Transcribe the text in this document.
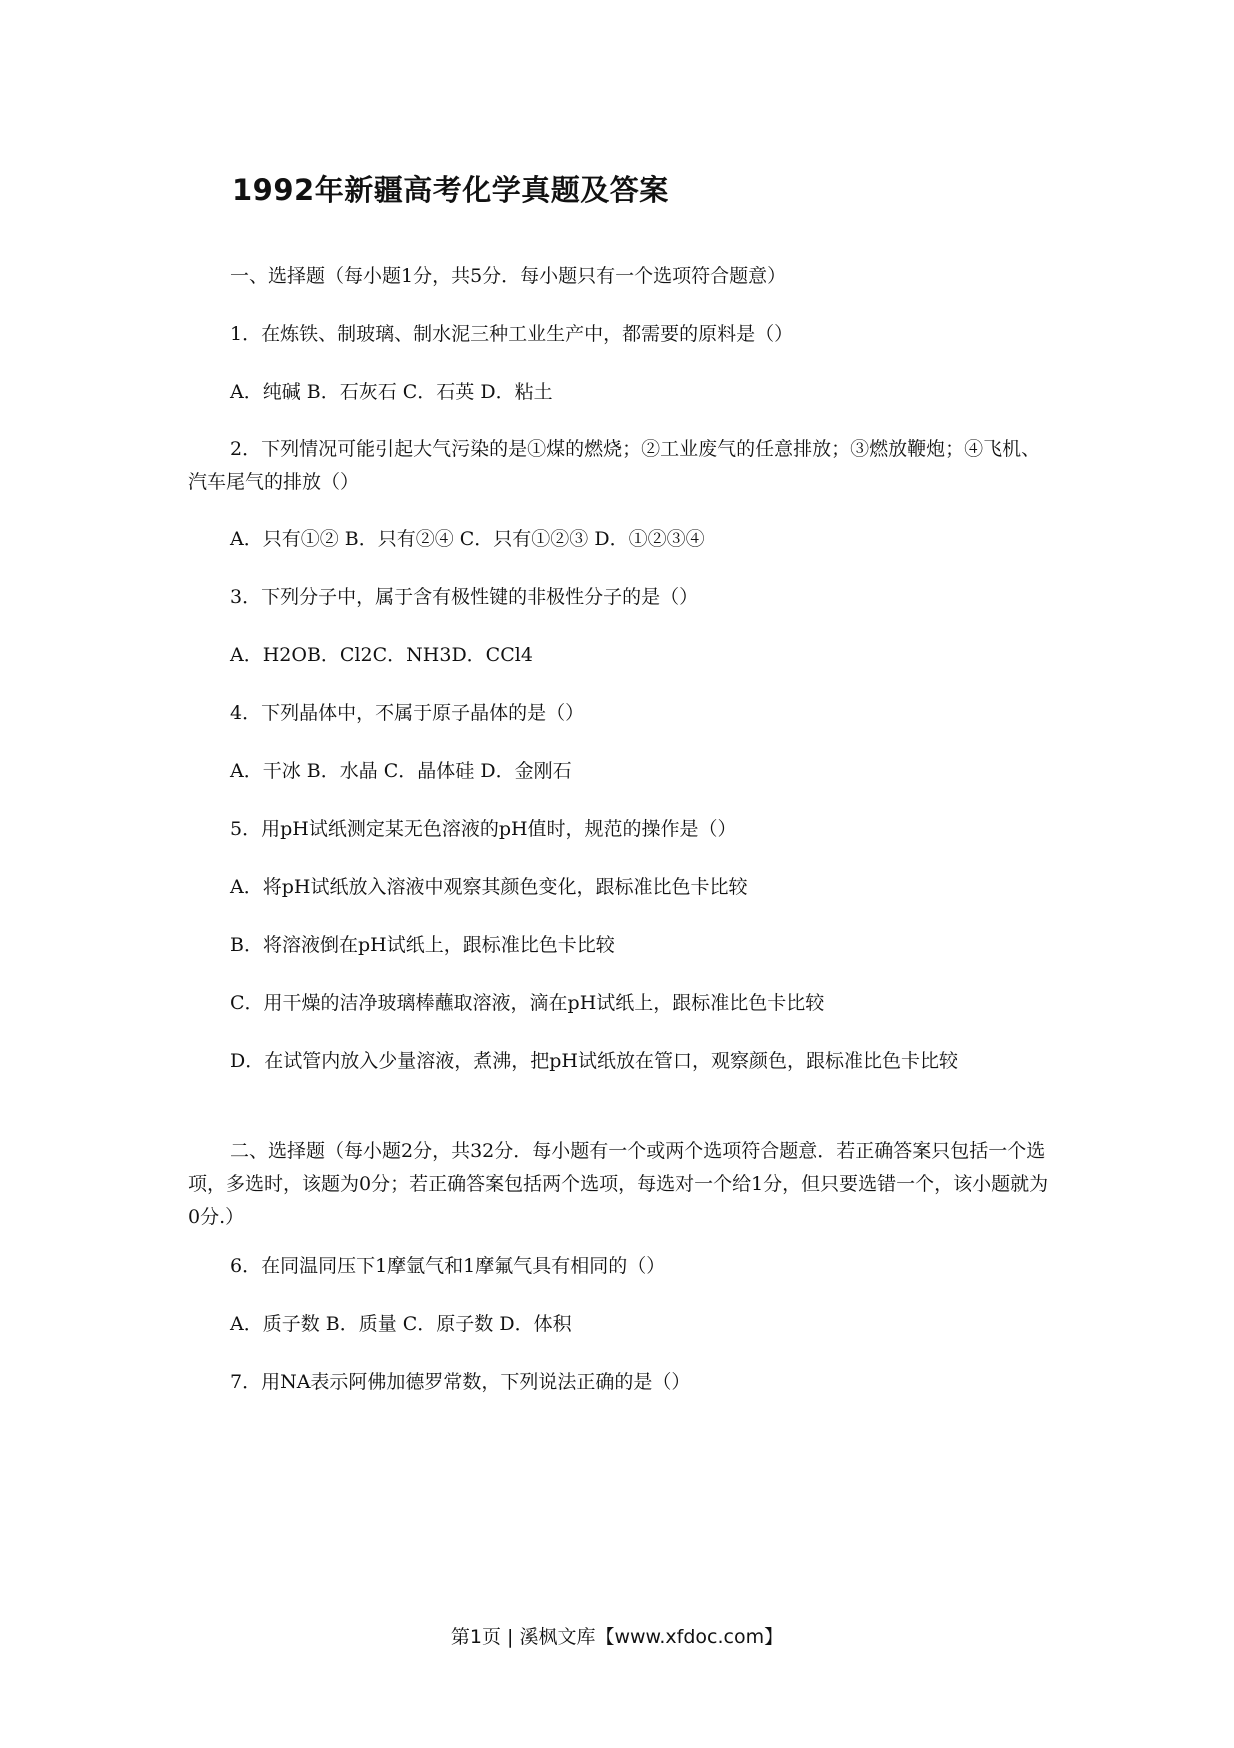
1992年新疆高考化学真题及答案
一、选择题（每小题1分，共5分．每小题只有一个选项符合题意）
1．在炼铁、制玻璃、制水泥三种工业生产中，都需要的原料是（）
A．纯碱 B．石灰石 C．石英 D．粘土
2．下列情况可能引起大气污染的是①煤的燃烧；②工业废气的任意排放；③燃放鞭炮；④飞机、汽车尾气的排放（）
A．只有①② B．只有②④ C．只有①②③ D．①②③④
3．下列分子中，属于含有极性键的非极性分子的是（）
A．H2OB．Cl2C．NH3D．CCl4
4．下列晶体中，不属于原子晶体的是（）
A．干冰 B．水晶 C．晶体硅 D．金刚石
5．用pH试纸测定某无色溶液的pH值时，规范的操作是（）
A．将pH试纸放入溶液中观察其颜色变化，跟标准比色卡比较
B．将溶液倒在pH试纸上，跟标准比色卡比较
C．用干燥的洁净玻璃棒蘸取溶液，滴在pH试纸上，跟标准比色卡比较
D．在试管内放入少量溶液，煮沸，把pH试纸放在管口，观察颜色，跟标准比色卡比较
二、选择题（每小题2分，共32分．每小题有一个或两个选项符合题意．若正确答案只包括一个选项，多选时，该题为0分；若正确答案包括两个选项，每选对一个给1分，但只要选错一个，该小题就为0分.）
6．在同温同压下1摩氩气和1摩氟气具有相同的（）
A．质子数 B．质量 C．原子数 D．体积
7．用NA表示阿佛加德罗常数，下列说法正确的是（）
第1页 | 溪枫文库【www.xfdoc.com】
